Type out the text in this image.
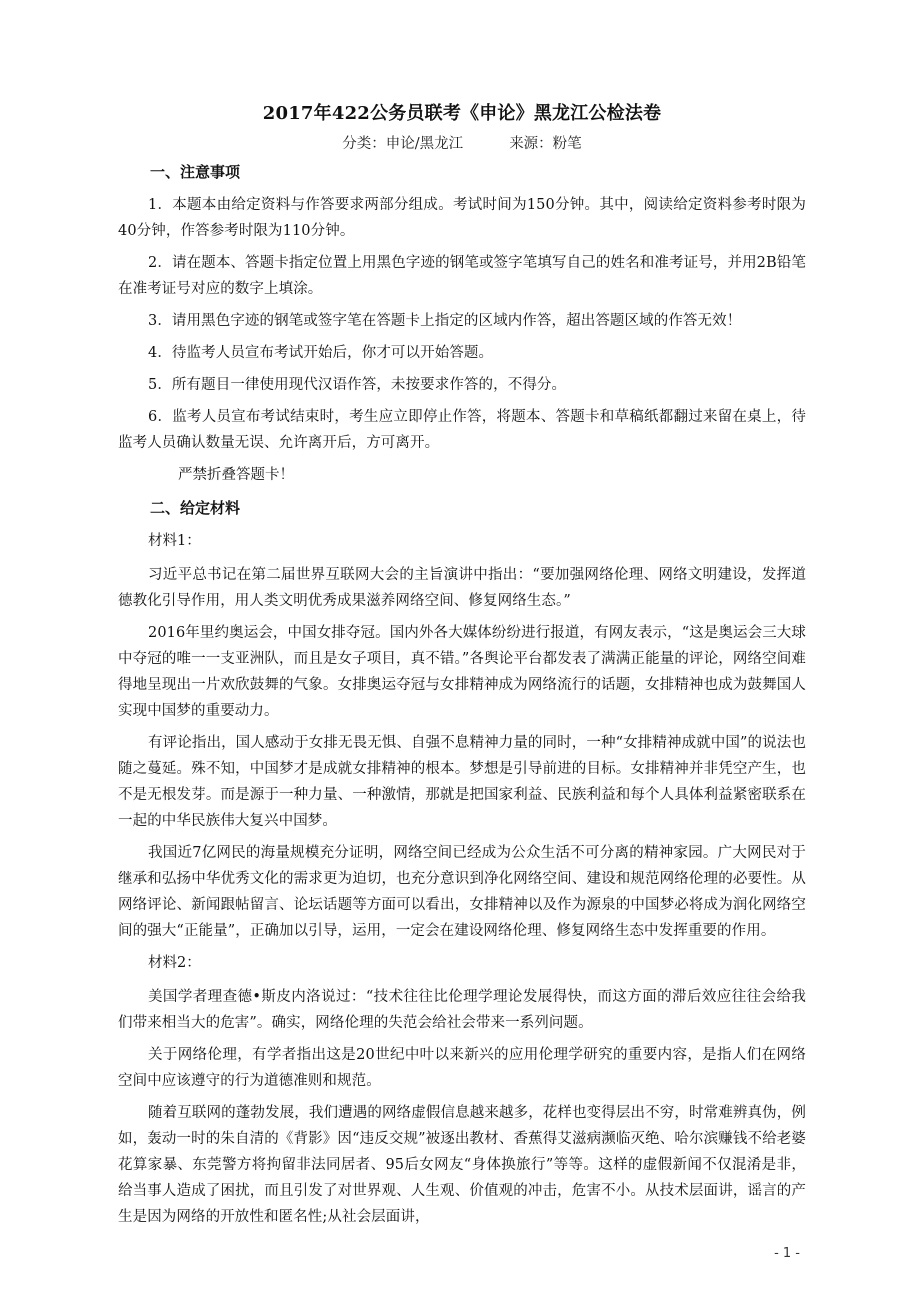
2017年422公务员联考《申论》黑龙江公检法卷
分类：申论/黑龙江	来源：粉笔
一、注意事项

1．本题本由给定资料与作答要求两部分组成。考试时间为150分钟。其中，阅读给定资料参考时限为40分钟，作答参考时限为110分钟。

2．请在题本、答题卡指定位置上用黑色字迹的钢笔或签字笔填写自己的姓名和准考证号，并用2B铅笔在准考证号对应的数字上填涂。

3．请用黑色字迹的钢笔或签字笔在答题卡上指定的区域内作答，超出答题区域的作答无效！

4．待监考人员宣布考试开始后，你才可以开始答题。

5．所有题目一律使用现代汉语作答，未按要求作答的，不得分。

6．监考人员宣布考试结束时，考生应立即停止作答，将题本、答题卡和草稿纸都翻过来留在桌上，待监考人员确认数量无误、允许离开后，方可离开。

严禁折叠答题卡！
二、给定材料
材料1：

习近平总书记在第二届世界互联网大会的主旨演讲中指出：“要加强网络伦理、网络文明建设，发挥道德教化引导作用，用人类文明优秀成果滋养网络空间、修复网络生态。”

2016年里约奥运会，中国女排夺冠。国内外各大媒体纷纷进行报道，有网友表示，“这是奥运会三大球中夺冠的唯一一支亚洲队，而且是女子项目，真不错。”各舆论平台都发表了满满正能量的评论，网络空间难得地呈现出一片欢欣鼓舞的气象。女排奥运夺冠与女排精神成为网络流行的话题，女排精神也成为鼓舞国人实现中国梦的重要动力。

有评论指出，国人感动于女排无畏无惧、自强不息精神力量的同时，一种“女排精神成就中国”的说法也随之蔓延。殊不知，中国梦才是成就女排精神的根本。梦想是引导前进的目标。女排精神并非凭空产生，也不是无根发芽。而是源于一种力量、一种激情，那就是把国家利益、民族利益和每个人具体利益紧密联系在一起的中华民族伟大复兴中国梦。

我国近7亿网民的海量规模充分证明，网络空间已经成为公众生活不可分离的精神家园。广大网民对于继承和弘扬中华优秀文化的需求更为迫切，也充分意识到净化网络空间、建设和规范网络伦理的必要性。从网络评论、新闻跟帖留言、论坛话题等方面可以看出，女排精神以及作为源泉的中国梦必将成为润化网络空间的强大“正能量”，正确加以引导，运用，一定会在建设网络伦理、修复网络生态中发挥重要的作用。

材料2：

美国学者理查德•斯皮内洛说过：“技术往往比伦理学理论发展得快，而这方面的滞后效应往往会给我们带来相当大的危害”。确实，网络伦理的失范会给社会带来一系列问题。

关于网络伦理，有学者指出这是20世纪中叶以来新兴的应用伦理学研究的重要内容，是指人们在网络空间中应该遵守的行为道德准则和规范。

随着互联网的蓬勃发展，我们遭遇的网络虚假信息越来越多，花样也变得层出不穷，时常难辨真伪，例如，轰动一时的朱自清的《背影》因“违反交规”被逐出教材、香蕉得艾滋病濒临灭绝、哈尔滨赚钱不给老婆花算家暴、东莞警方将拘留非法同居者、95后女网友“身体换旅行”等等。这样的虚假新闻不仅混淆是非，给当事人造成了困扰，而且引发了对世界观、人生观、价值观的冲击，危害不小。从技术层面讲，谣言的产生是因为网络的开放性和匿名性;从社会层面讲，

- 1 -
